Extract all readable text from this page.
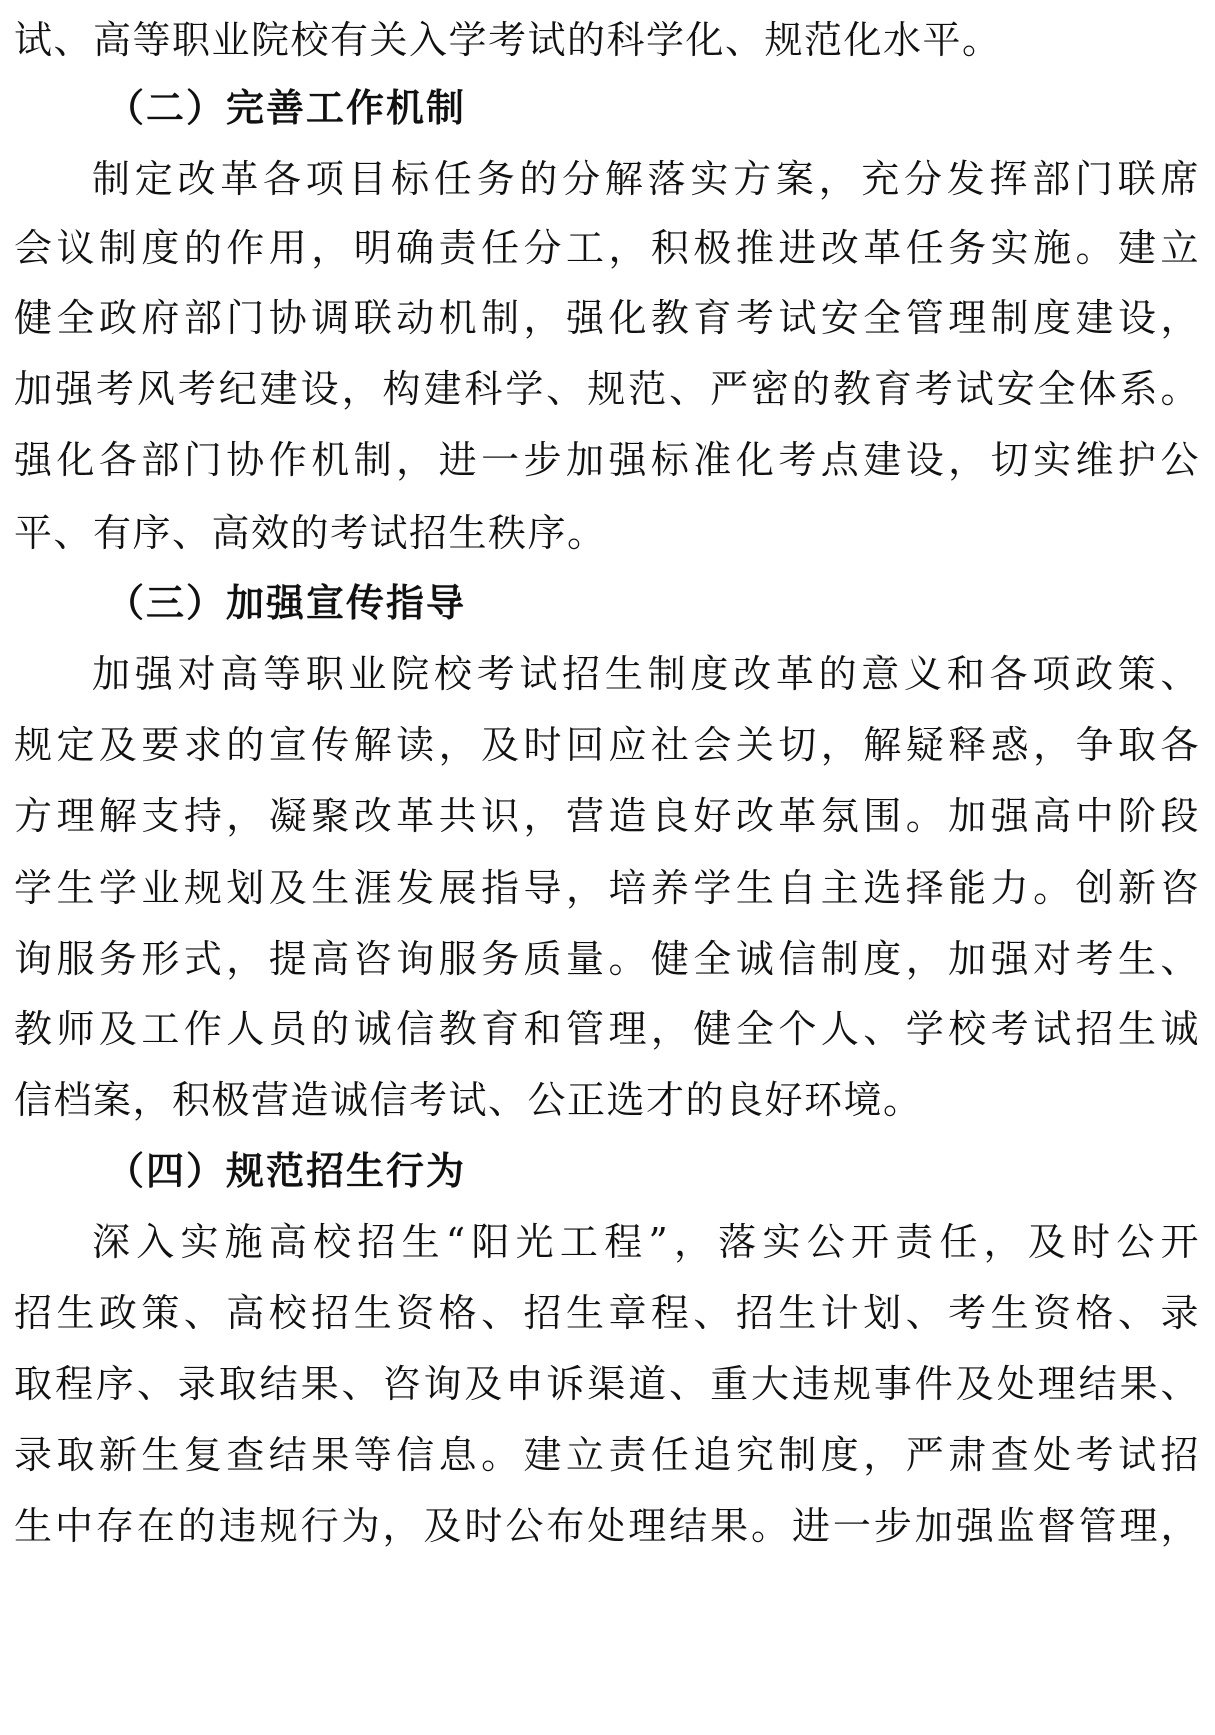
试、高等职业院校有关入学考试的科学化、规范化水平。
（二）完善工作机制
制定改革各项目标任务的分解落实方案，充分发挥部门联席
会议制度的作用，明确责任分工，积极推进改革任务实施。建立
健全政府部门协调联动机制，强化教育考试安全管理制度建设，
加强考风考纪建设，构建科学、规范、严密的教育考试安全体系。
强化各部门协作机制，进一步加强标准化考点建设，切实维护公
平、有序、高效的考试招生秩序。
（三）加强宣传指导
加强对高等职业院校考试招生制度改革的意义和各项政策、
规定及要求的宣传解读，及时回应社会关切，解疑释惑，争取各
方理解支持，凝聚改革共识，营造良好改革氛围。加强高中阶段
学生学业规划及生涯发展指导，培养学生自主选择能力。创新咨
询服务形式，提高咨询服务质量。健全诚信制度，加强对考生、
教师及工作人员的诚信教育和管理，健全个人、学校考试招生诚
信档案，积极营造诚信考试、公正选才的良好环境。
（四）规范招生行为
深入实施高校招生“阳光工程”，落实公开责任，及时公开
招生政策、高校招生资格、招生章程、招生计划、考生资格、录
取程序、录取结果、咨询及申诉渠道、重大违规事件及处理结果、
录取新生复查结果等信息。建立责任追究制度，严肃查处考试招
生中存在的违规行为，及时公布处理结果。进一步加强监督管理，
